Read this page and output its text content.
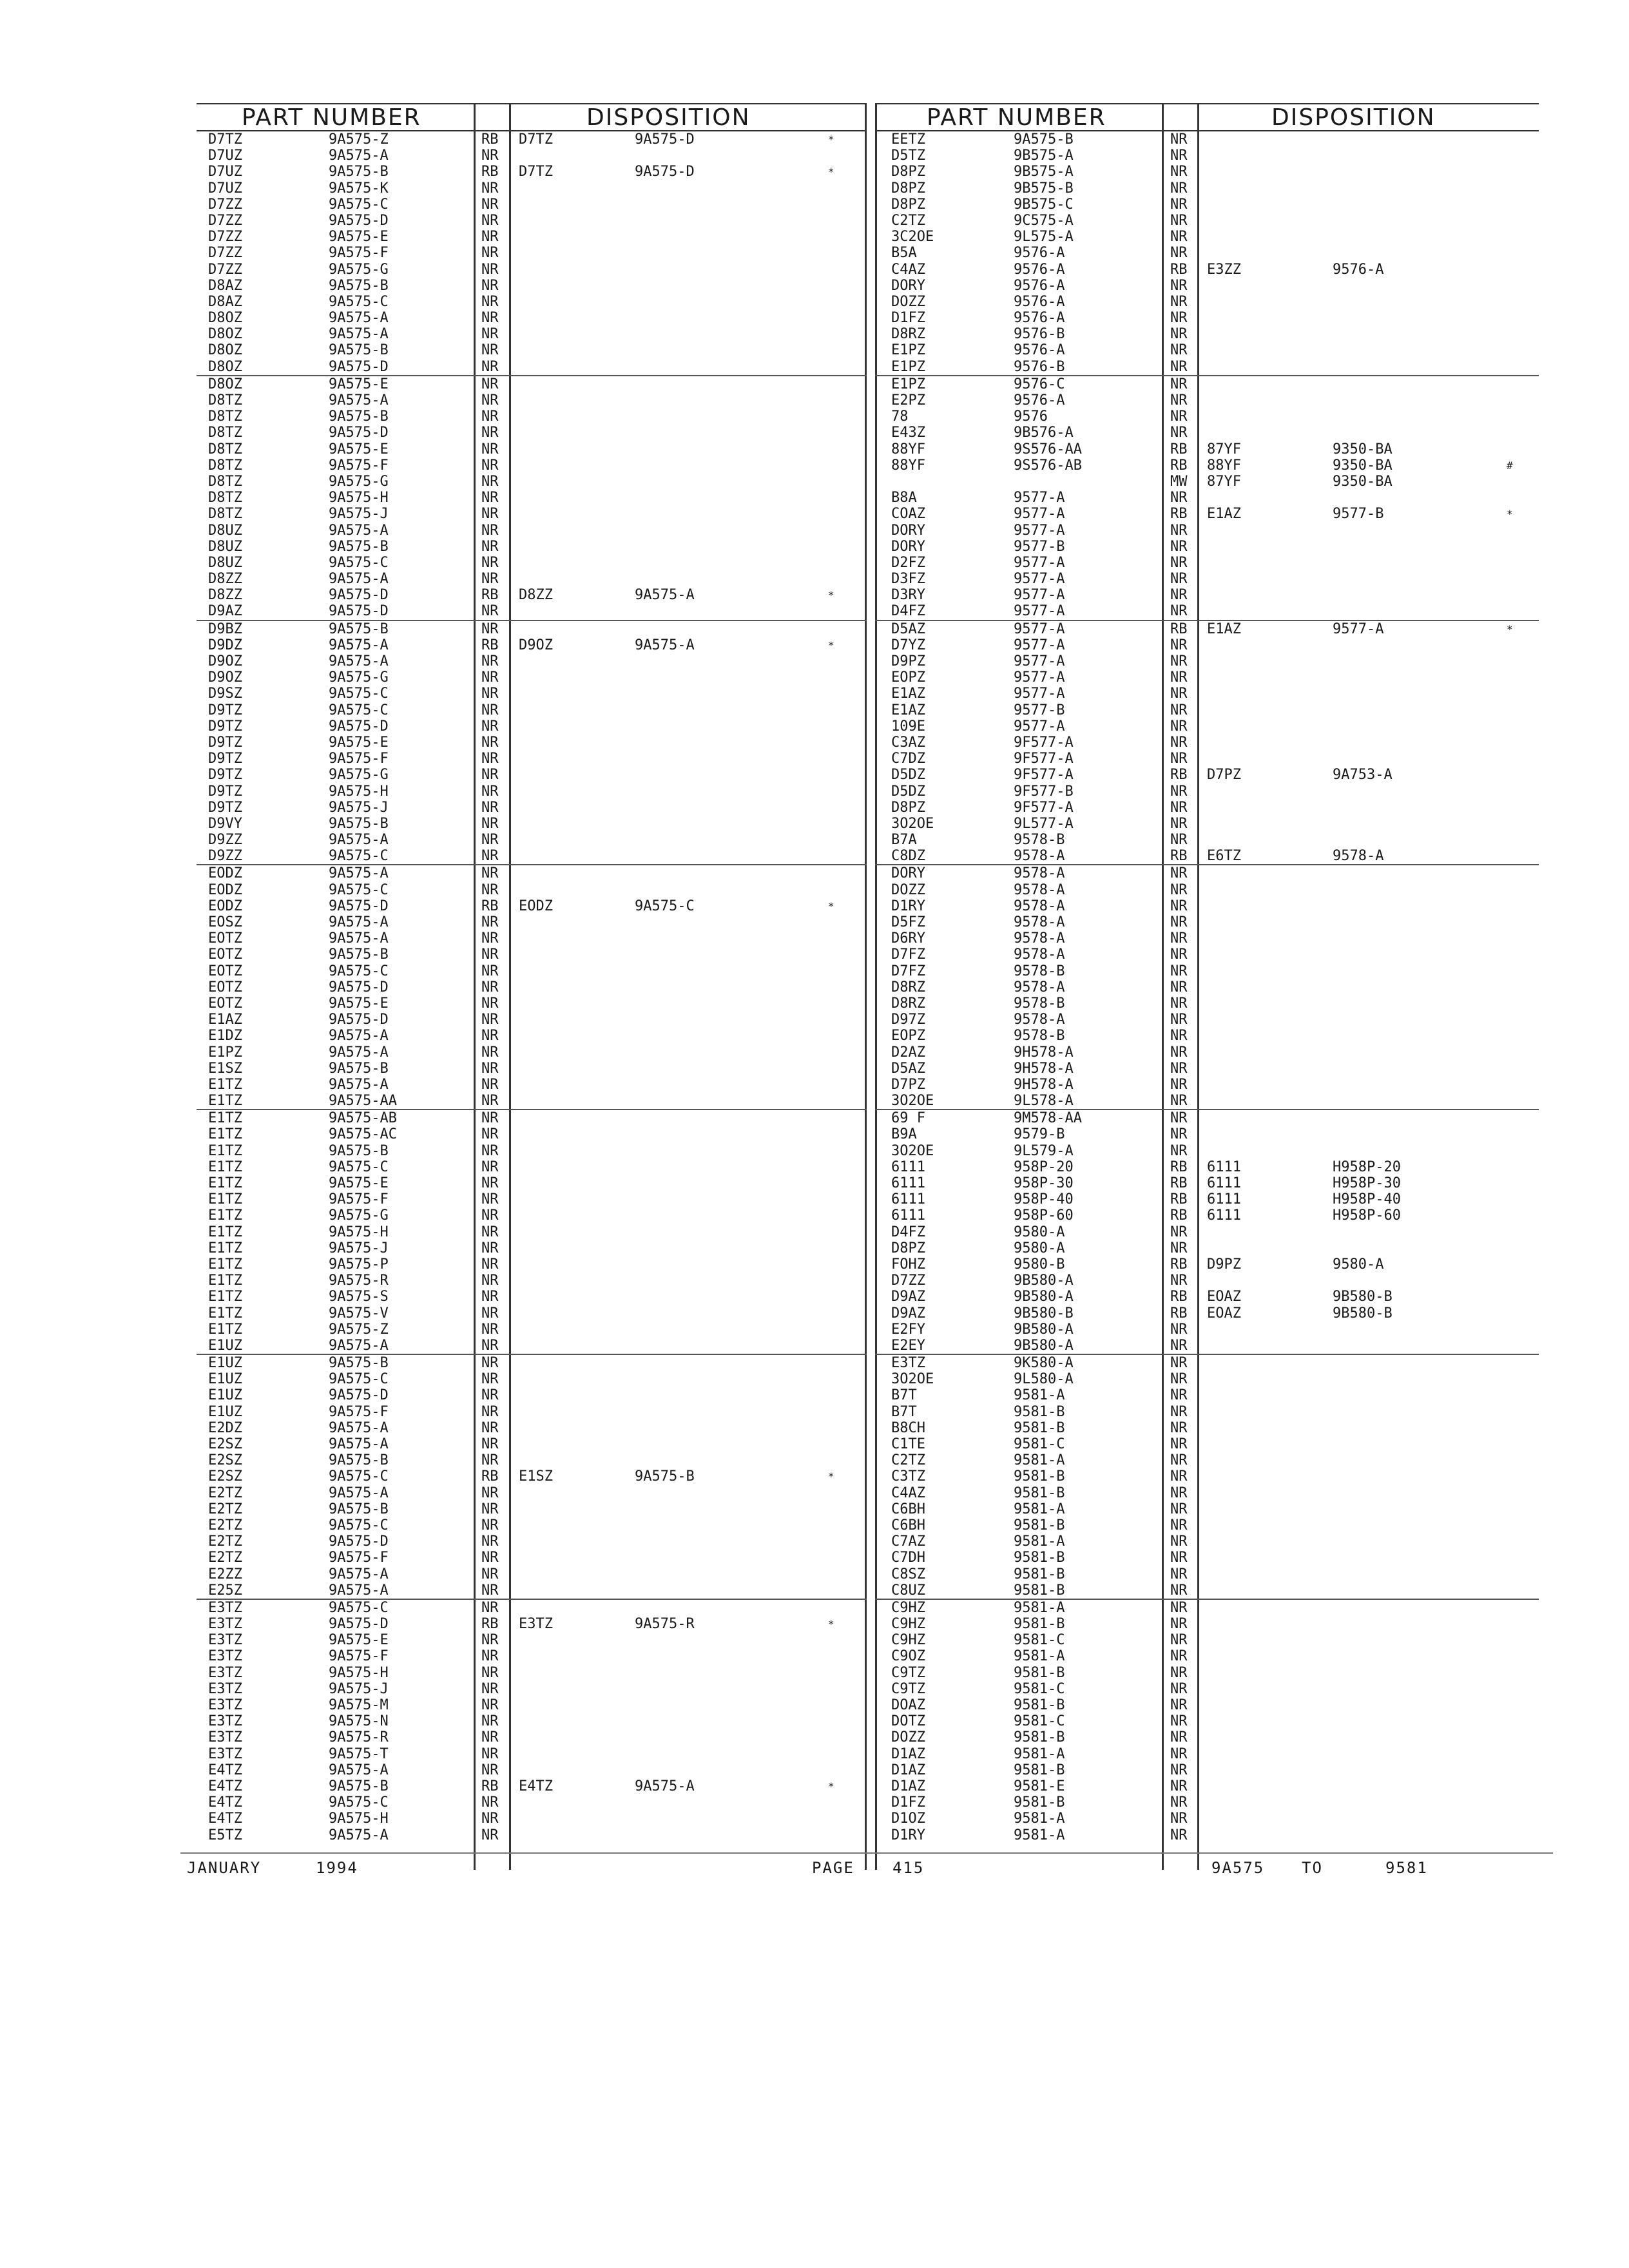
PART NUMBER	DISPOSITION
D7TZ	9A575-Z	RB D7TZ	9A575-D	*
D7UZ	9A575-A	NR
D7UZ	9A575-B	RB D7TZ	9A575-D	*
D7UZ	9A575-K	NR
D7ZZ	9A575-C	NR
D7ZZ	9A575-D	NR
D7ZZ	9A575-E	NR
D7ZZ	9A575-F	NR
D7ZZ	9A575-G	NR
D8AZ	9A575-B	NR
D8AZ	9A575-C	NR
D8OZ	9A575-A	NR
D8OZ	9A575-A	NR
D8OZ	9A575-B	NR
D8OZ	9A575-D	NR
D8OZ	9A575-E	NR
D8TZ	9A575-A	NR
D8TZ	9A575-B	NR
D8TZ	9A575-D	NR
D8TZ	9A575-E	NR
D8TZ	9A575-F	NR
D8TZ	9A575-G	NR
D8TZ	9A575-H	NR
D8TZ	9A575-J	NR
D8UZ	9A575-A	NR
D8UZ	9A575-B	NR
D8UZ	9A575-C	NR
D8ZZ	9A575-A	NR
D8ZZ	9A575-D	RB D8ZZ	9A575-A	*
D9AZ	9A575-D	NR
D9BZ	9A575-B	NR
D9DZ	9A575-A	RB D9OZ	9A575-A	*
D9OZ	9A575-A	NR
D9OZ	9A575-G	NR
D9SZ	9A575-C	NR
D9TZ	9A575-C	NR
D9TZ	9A575-D	NR
D9TZ	9A575-E	NR
D9TZ	9A575-F	NR
D9TZ	9A575-G	NR
D9TZ	9A575-H	NR
D9TZ	9A575-J	NR
D9VY	9A575-B	NR
D9ZZ	9A575-A	NR
D9ZZ	9A575-C	NR
EODZ	9A575-A	NR
EODZ	9A575-C	NR
EODZ	9A575-D	RB EODZ	9A575-C	*
EOSZ	9A575-A	NR
EOTZ	9A575-A	NR
EOTZ	9A575-B	NR
EOTZ	9A575-C	NR
EOTZ	9A575-D	NR
EOTZ	9A575-E	NR
E1AZ	9A575-D	NR
E1DZ	9A575-A	NR
E1PZ	9A575-A	NR
E1SZ	9A575-B	NR
E1TZ	9A575-A	NR
E1TZ	9A575-AA	NR
E1TZ	9A575-AB	NR
E1TZ	9A575-AC	NR
E1TZ	9A575-B	NR
E1TZ	9A575-C	NR
E1TZ	9A575-E	NR
E1TZ	9A575-F	NR
E1TZ	9A575-G	NR
E1TZ	9A575-H	NR
E1TZ	9A575-J	NR
E1TZ	9A575-P	NR
E1TZ	9A575-R	NR
E1TZ	9A575-S	NR
E1TZ	9A575-V	NR
E1TZ	9A575-Z	NR
E1UZ	9A575-A	NR
E1UZ	9A575-B	NR
E1UZ	9A575-C	NR
E1UZ	9A575-D	NR
E1UZ	9A575-F	NR
E2DZ	9A575-A	NR
E2SZ	9A575-A	NR
E2SZ	9A575-B	NR
E2SZ	9A575-C	RB E1SZ	9A575-B	*
E2TZ	9A575-A	NR
E2TZ	9A575-B	NR
E2TZ	9A575-C	NR
E2TZ	9A575-D	NR
E2TZ	9A575-F	NR
E2ZZ	9A575-A	NR
E25Z	9A575-A	NR
E3TZ	9A575-C	NR
E3TZ	9A575-D	RB E3TZ	9A575-R	*
E3TZ	9A575-E	NR
E3TZ	9A575-F	NR
E3TZ	9A575-H	NR
E3TZ	9A575-J	NR
E3TZ	9A575-M	NR
E3TZ	9A575-N	NR
E3TZ	9A575-R	NR
E3TZ	9A575-T	NR
E4TZ	9A575-A	NR
E4TZ	9A575-B	RB E4TZ	9A575-A	*
E4TZ	9A575-C	NR
E4TZ	9A575-H	NR
E5TZ	9A575-A	NR
PART NUMBER	DISPOSITION
EETZ	9A575-B	NR
D5TZ	9B575-A	NR
D8PZ	9B575-A	NR
D8PZ	9B575-B	NR
D8PZ	9B575-C	NR
C2TZ	9C575-A	NR
3C2OE	9L575-A	NR
B5A	9576-A	NR
C4AZ	9576-A	RB E3ZZ	9576-A
DORY	9576-A	NR
DOZZ	9576-A	NR
D1FZ	9576-A	NR
D8RZ	9576-B	NR
E1PZ	9576-A	NR
E1PZ	9576-B	NR
E1PZ	9576-C	NR
E2PZ	9576-A	NR
78	9576	NR
E43Z	9B576-A	NR
88YF	9S576-AA	RB 87YF	9350-BA
88YF	9S576-AB	RB 88YF	9350-BA	#
MW 87YF	9350-BA
B8A	9577-A	NR
COAZ	9577-A	RB E1AZ	9577-B	*
DORY	9577-A	NR
DORY	9577-B	NR
D2FZ	9577-A	NR
D3FZ	9577-A	NR
D3RY	9577-A	NR
D4FZ	9577-A	NR
D5AZ	9577-A	RB E1AZ	9577-A	*
D7YZ	9577-A	NR
D9PZ	9577-A	NR
EOPZ	9577-A	NR
E1AZ	9577-A	NR
E1AZ	9577-B	NR
109E	9577-A	NR
C3AZ	9F577-A	NR
C7DZ	9F577-A	NR
D5DZ	9F577-A	RB D7PZ	9A753-A
D5DZ	9F577-B	NR
D8PZ	9F577-A	NR
3O2OE	9L577-A	NR
B7A	9578-B	NR
C8DZ	9578-A	RB E6TZ	9578-A
DORY	9578-A	NR
DOZZ	9578-A	NR
D1RY	9578-A	NR
D5FZ	9578-A	NR
D6RY	9578-A	NR
D7FZ	9578-A	NR
D7FZ	9578-B	NR
D8RZ	9578-A	NR
D8RZ	9578-B	NR
D97Z	9578-A	NR
EOPZ	9578-B	NR
D2AZ	9H578-A	NR
D5AZ	9H578-A	NR
D7PZ	9H578-A	NR
3O2OE	9L578-A	NR
69 F	9M578-AA	NR
B9A	9579-B	NR
3O2OE	9L579-A	NR
6111	958P-20	RB 6111	H958P-20
6111	958P-30	RB 6111	H958P-30
6111	958P-40	RB 6111	H958P-40
6111	958P-60	RB 6111	H958P-60
D4FZ	9580-A	NR
D8PZ	9580-A	NR
FOHZ	9580-B	RB D9PZ	9580-A
D7ZZ	9B580-A	NR
D9AZ	9B580-A	RB EOAZ	9B580-B
D9AZ	9B580-B	RB EOAZ	9B580-B
E2FY	9B580-A	NR
E2EY	9B580-A	NR
E3TZ	9K580-A	NR
3O2OE	9L580-A	NR
B7T	9581-A	NR
B7T	9581-B	NR
B8CH	9581-B	NR
C1TE	9581-C	NR
C2TZ	9581-A	NR
C3TZ	9581-B	NR
C4AZ	9581-B	NR
C6BH	9581-A	NR
C6BH	9581-B	NR
C7AZ	9581-A	NR
C7DH	9581-B	NR
C8SZ	9581-B	NR
C8UZ	9581-B	NR
C9HZ	9581-A	NR
C9HZ	9581-B	NR
C9HZ	9581-C	NR
C9OZ	9581-A	NR
C9TZ	9581-B	NR
C9TZ	9581-C	NR
DOAZ	9581-B	NR
DOTZ	9581-C	NR
DOZZ	9581-B	NR
D1AZ	9581-A	NR
D1AZ	9581-B	NR
D1AZ	9581-E	NR
D1FZ	9581-B	NR
D1OZ	9581-A	NR
D1RY	9581-A	NR
JANUARY	1994	PAGE 415	9A575 TO	9581
